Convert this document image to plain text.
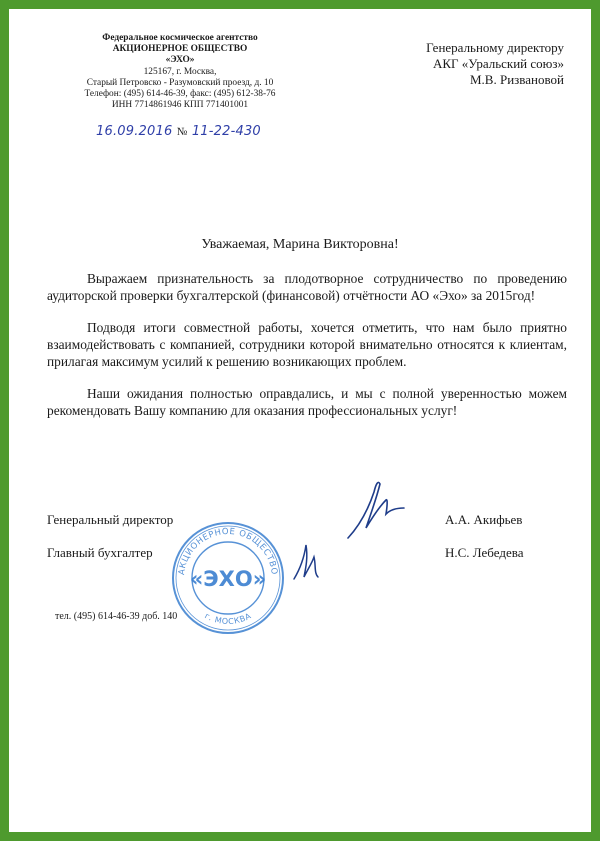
Федеральное космическое агентство
АКЦИОНЕРНОЕ ОБЩЕСТВО
«ЭХО»
125167, г. Москва,
Старый Петровско - Разумовский проезд, д. 10
Телефон: (495) 614-46-39, факс: (495) 612-38-76
ИНН 7714861946 КПП 771401001
16.09.2016 № 11-22-430
Генеральному директору
АКГ «Уральский союз»
М.В. Ризвановой
Уважаемая, Марина Викторовна!

Выражаем признательность за плодотворное сотрудничество по проведению аудиторской проверки бухгалтерской (финансовой) отчётности АО «Эхо» за 2015год!

Подводя итоги совместной работы, хочется отметить, что нам было приятно взаимодействовать с компанией, сотрудники которой внимательно относятся к клиентам, прилагая максимум усилий к решению возникающих проблем.

Наши ожидания полностью оправдались, и мы с полной уверенностью можем рекомендовать Вашу компанию для оказания профессиональных услуг!

АКЦИОНЕРНОЕ ОБЩЕСТВО
г. МОСКВА
«ЭХО»
Генеральный директор	А.А. Акифьев
Главный бухгалтер	Н.С. Лебедева
тел. (495) 614-46-39 доб. 140
